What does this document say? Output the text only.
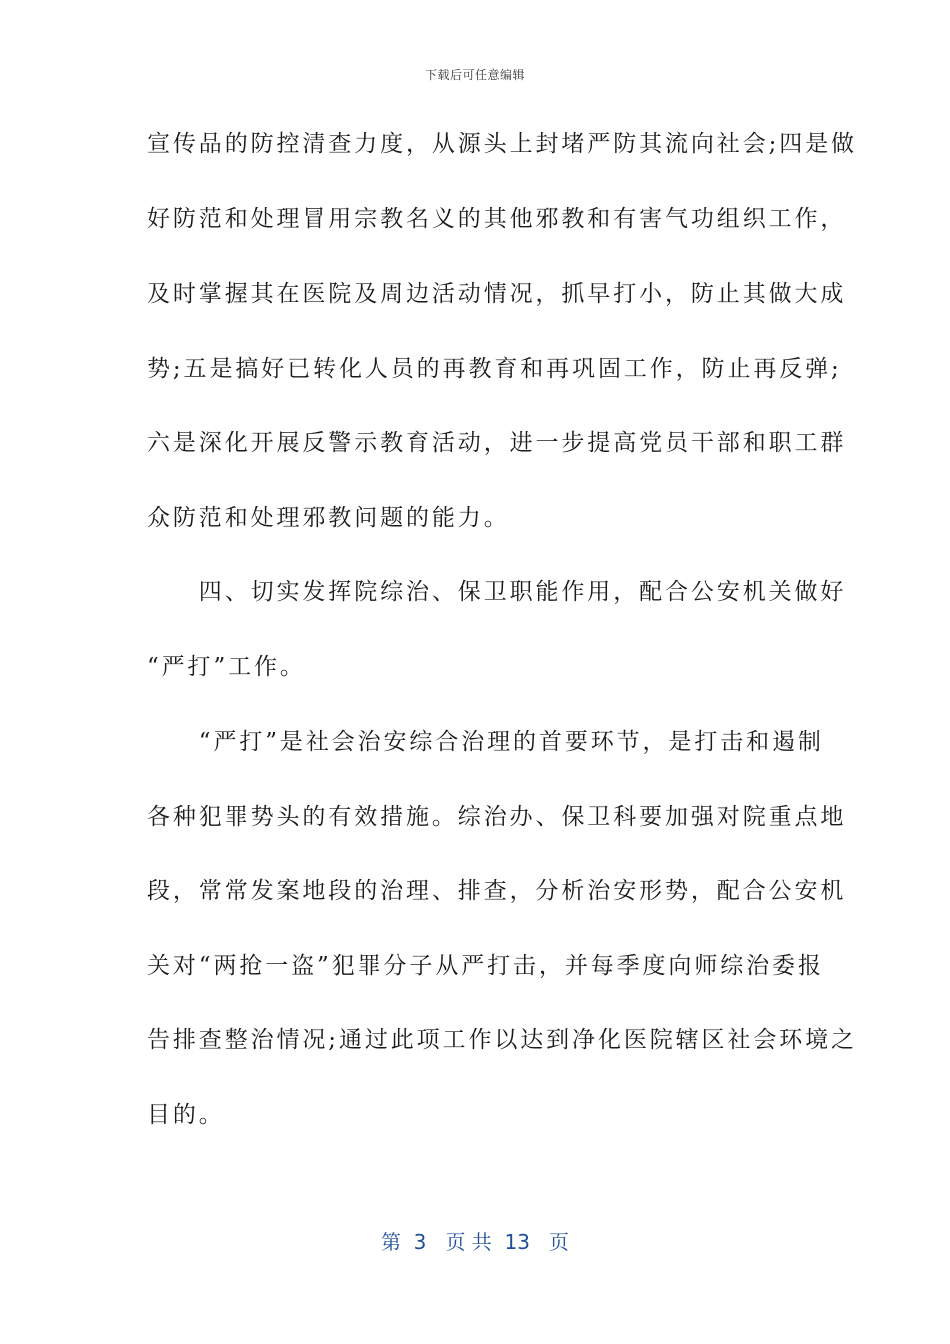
下载后可任意编辑
宣传品的防控清查力度，从源头上封堵严防其流向社会;四是做
好防范和处理冒用宗教名义的其他邪教和有害气功组织工作，
及时掌握其在医院及周边活动情况，抓早打小，防止其做大成
势;五是搞好已转化人员的再教育和再巩固工作，防止再反弹;
六是深化开展反警示教育活动，进一步提高党员干部和职工群
众防范和处理邪教问题的能力。
　　四、切实发挥院综治、保卫职能作用，配合公安机关做好
“严打”工作。
　　“严打”是社会治安综合治理的首要环节，是打击和遏制
各种犯罪势头的有效措施。综治办、保卫科要加强对院重点地
段，常常发案地段的治理、排查，分析治安形势，配合公安机
关对“两抢一盗”犯罪分子从严打击，并每季度向师综治委报
告排查整治情况;通过此项工作以达到净化医院辖区社会环境之
目的。
第  3   页 共  13   页
